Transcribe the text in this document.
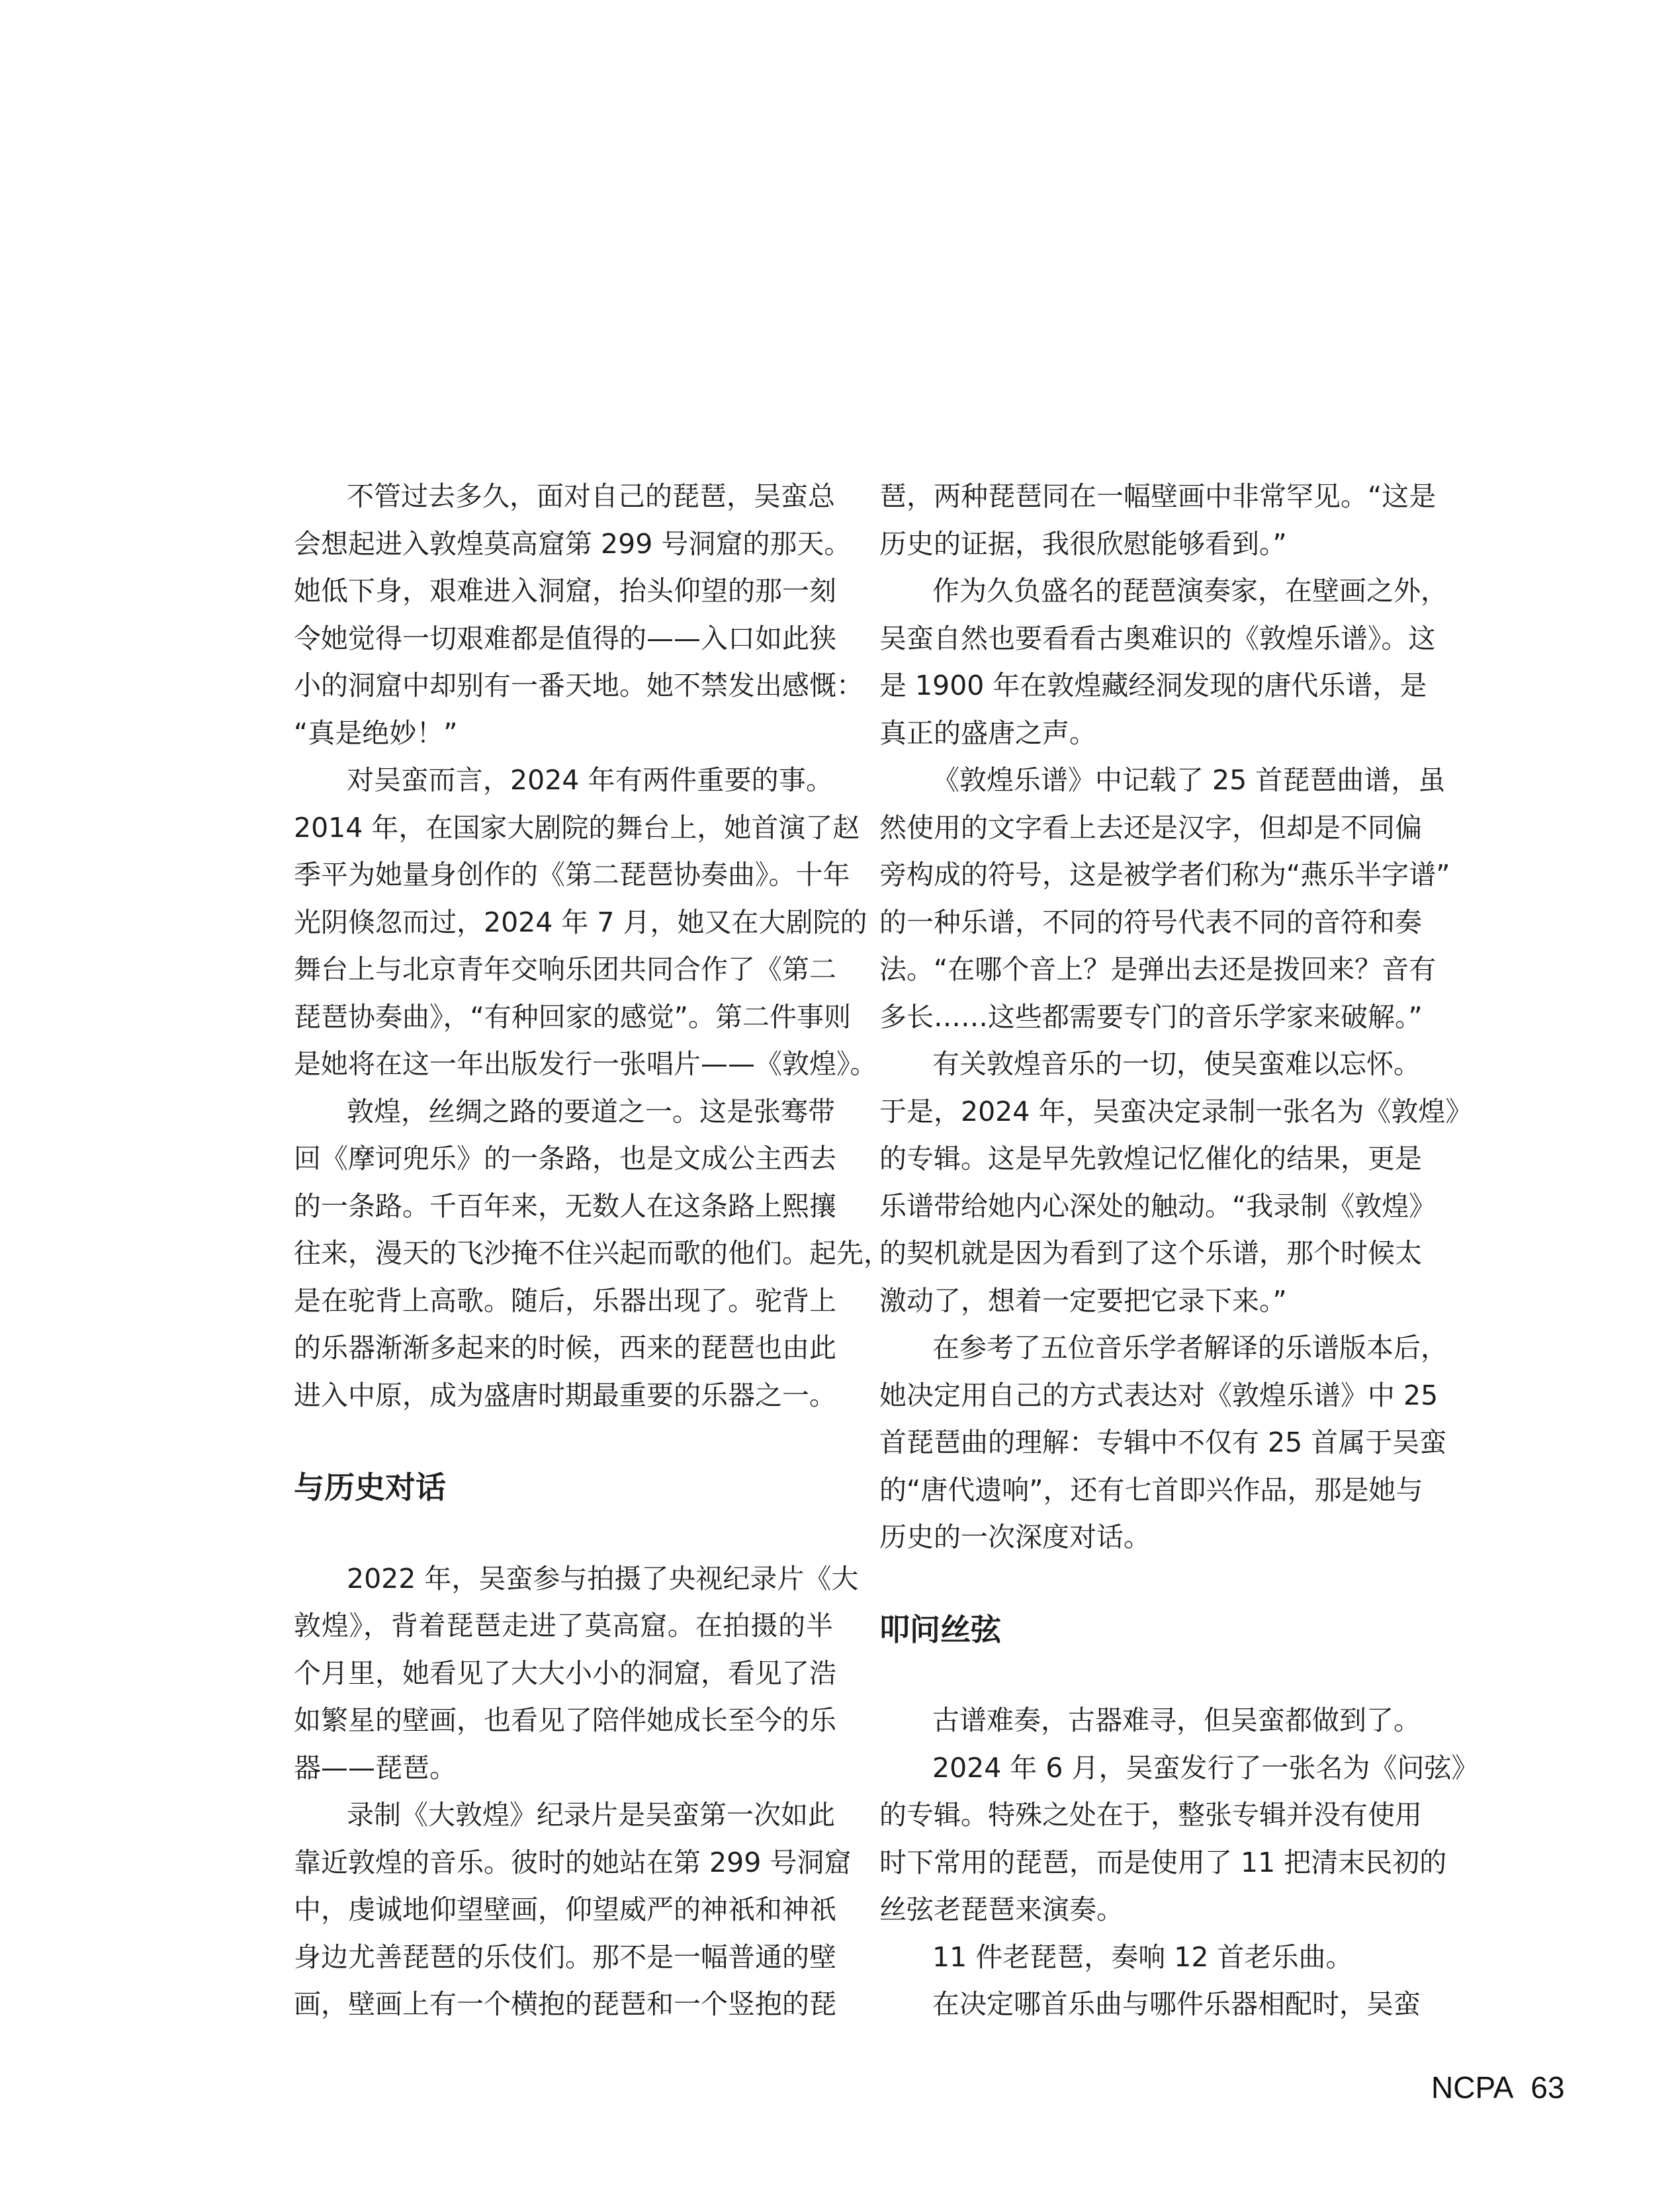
不管过去多久，面对自己的琵琶，吴蛮总
会想起进入敦煌莫高窟第 299 号洞窟的那天。
她低下身，艰难进入洞窟，抬头仰望的那一刻
令她觉得一切艰难都是值得的——入口如此狭
小的洞窟中却别有一番天地。她不禁发出感慨：
“真是绝妙！”
对吴蛮而言，2024 年有两件重要的事。
2014 年，在国家大剧院的舞台上，她首演了赵
季平为她量身创作的《第二琵琶协奏曲》。十年
光阴倏忽而过，2024 年 7 月，她又在大剧院的
舞台上与北京青年交响乐团共同合作了《第二
琵琶协奏曲》，“有种回家的感觉”。第二件事则
是她将在这一年出版发行一张唱片——《敦煌》。
敦煌，丝绸之路的要道之一。这是张骞带
回《摩诃兜乐》的一条路，也是文成公主西去
的一条路。千百年来，无数人在这条路上熙攘
往来，漫天的飞沙掩不住兴起而歌的他们。起先，
是在驼背上高歌。随后，乐器出现了。驼背上
的乐器渐渐多起来的时候，西来的琵琶也由此
进入中原，成为盛唐时期最重要的乐器之一。
与历史对话
2022 年，吴蛮参与拍摄了央视纪录片《大
敦煌》，背着琵琶走进了莫高窟。在拍摄的半
个月里，她看见了大大小小的洞窟，看见了浩
如繁星的壁画，也看见了陪伴她成长至今的乐
器——琵琶。
录制《大敦煌》纪录片是吴蛮第一次如此
靠近敦煌的音乐。彼时的她站在第 299 号洞窟
中，虔诚地仰望壁画，仰望威严的神祇和神祇
身边尤善琵琶的乐伎们。那不是一幅普通的壁
画，壁画上有一个横抱的琵琶和一个竖抱的琵
琶，两种琵琶同在一幅壁画中非常罕见。“这是
历史的证据，我很欣慰能够看到。”
作为久负盛名的琵琶演奏家，在壁画之外，
吴蛮自然也要看看古奥难识的《敦煌乐谱》。这
是 1900 年在敦煌藏经洞发现的唐代乐谱，是
真正的盛唐之声。
《敦煌乐谱》中记载了 25 首琵琶曲谱，虽
然使用的文字看上去还是汉字，但却是不同偏
旁构成的符号，这是被学者们称为“燕乐半字谱”
的一种乐谱，不同的符号代表不同的音符和奏
法。“在哪个音上？是弹出去还是拨回来？音有
多长……这些都需要专门的音乐学家来破解。”
有关敦煌音乐的一切，使吴蛮难以忘怀。
于是，2024 年，吴蛮决定录制一张名为《敦煌》
的专辑。这是早先敦煌记忆催化的结果，更是
乐谱带给她内心深处的触动。“我录制《敦煌》
的契机就是因为看到了这个乐谱，那个时候太
激动了，想着一定要把它录下来。”
在参考了五位音乐学者解译的乐谱版本后，
她决定用自己的方式表达对《敦煌乐谱》中 25
首琵琶曲的理解：专辑中不仅有 25 首属于吴蛮
的“唐代遗响”，还有七首即兴作品，那是她与
历史的一次深度对话。
叩问丝弦
古谱难奏，古器难寻，但吴蛮都做到了。
2024 年 6 月，吴蛮发行了一张名为《问弦》
的专辑。特殊之处在于，整张专辑并没有使用
时下常用的琵琶，而是使用了 11 把清末民初的
丝弦老琵琶来演奏。
11 件老琵琶，奏响 12 首老乐曲。
在决定哪首乐曲与哪件乐器相配时，吴蛮
NCPA 63
